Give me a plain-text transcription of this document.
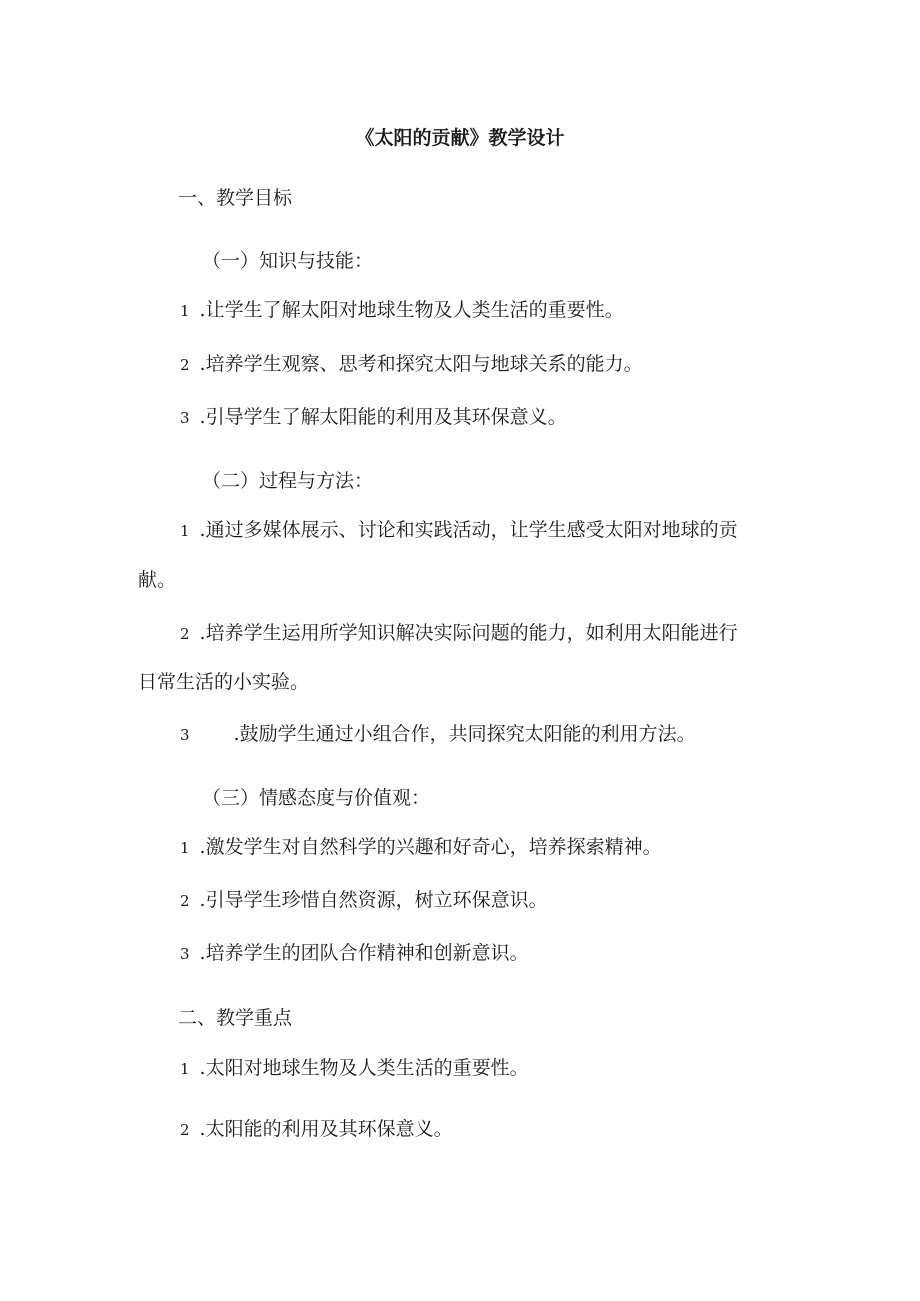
《太阳的贡献》教学设计
一、教学目标
（一）知识与技能：
1 .让学生了解太阳对地球生物及人类生活的重要性。
2 .培养学生观察、思考和探究太阳与地球关系的能力。
3 .引导学生了解太阳能的利用及其环保意义。
（二）过程与方法：
1 .通过多媒体展示、讨论和实践活动，让学生感受太阳对地球的贡
献。
2 .培养学生运用所学知识解决实际问题的能力，如利用太阳能进行
日常生活的小实验。
3 .鼓励学生通过小组合作，共同探究太阳能的利用方法。
（三）情感态度与价值观：
1 .激发学生对自然科学的兴趣和好奇心，培养探索精神。
2 .引导学生珍惜自然资源，树立环保意识。
3 .培养学生的团队合作精神和创新意识。
二、教学重点
1 .太阳对地球生物及人类生活的重要性。
2 .太阳能的利用及其环保意义。
